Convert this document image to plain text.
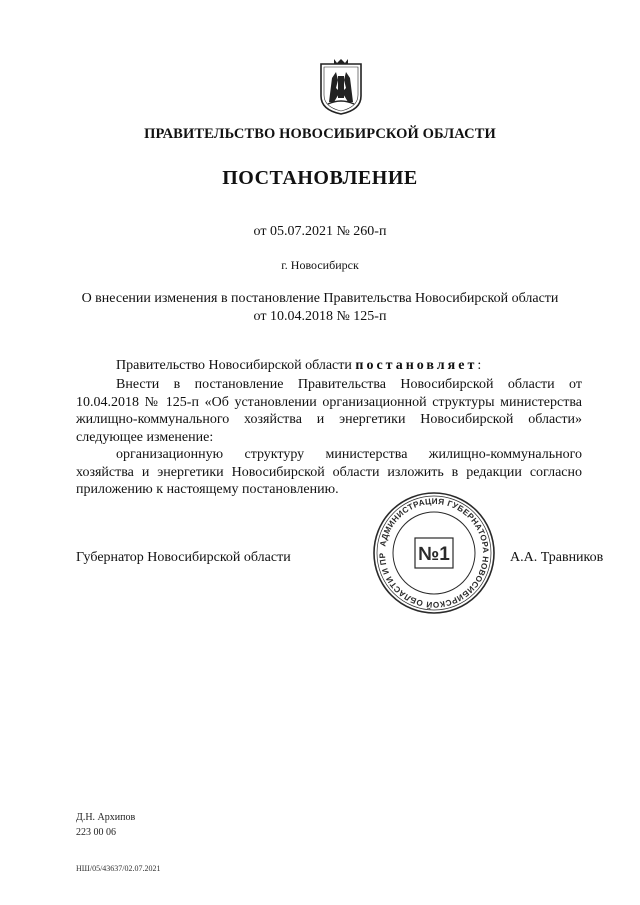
ПРАВИТЕЛЬСТВО НОВОСИБИРСКОЙ ОБЛАСТИ
ПОСТАНОВЛЕНИЕ
от 05.07.2021 № 260-п
г. Новосибирск
О внесении изменения в постановление Правительства Новосибирской области
от 10.04.2018 № 125-п
Правительство Новосибирской области постановляет:
Внести в постановление Правительства Новосибирской области от 10.04.2018 № 125-п «Об установлении организационной структуры министерства жилищно-коммунального хозяйства и энергетики Новосибирской области» следующее изменение:
организационную структуру министерства жилищно-коммунального хозяйства и энергетики Новосибирской области изложить в редакции согласно приложению к настоящему постановлению.
АДМИНИСТРАЦИЯ ГУБЕРНАТОРА НОВОСИБИРСКОЙ ОБЛАСТИ И ПР	№1
Губернатор Новосибирской области	А.А. Травников
Д.Н. Архипов
223 00 06
НШ/05/43637/02.07.2021
